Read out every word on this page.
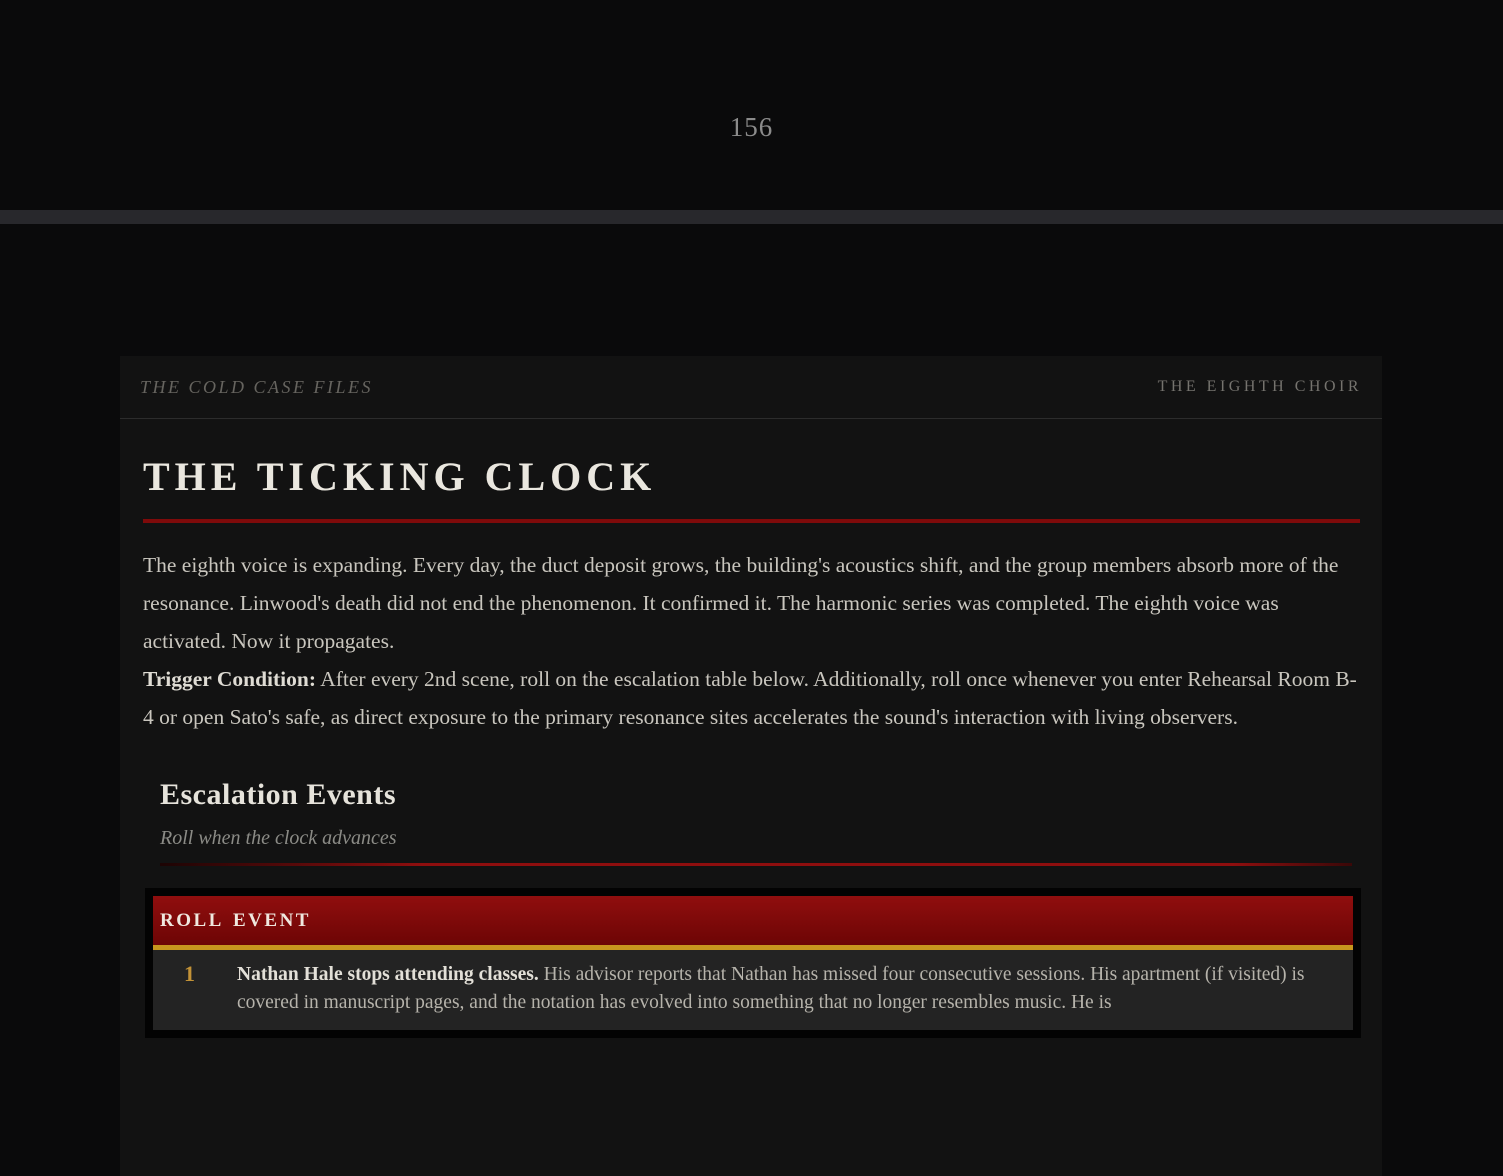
156
THE COLD CASE FILES	THE EIGHTH CHOIR
THE TICKING CLOCK

The eighth voice is expanding. Every day, the duct deposit grows, the building's acoustics shift, and the group members absorb more of the resonance. Linwood's death did not end the phenomenon. It confirmed it. The harmonic series was completed. The eighth voice was activated. Now it propagates.

Trigger Condition: After every 2nd scene, roll on the escalation table below. Additionally, roll once whenever you enter Rehearsal Room B-4 or open Sato's safe, as direct exposure to the primary resonance sites accelerates the sound's interaction with living observers.

Escalation Events
Roll when the clock advances
ROLL	EVENT
1	Nathan Hale stops attending classes. His advisor reports that Nathan has missed four consecutive sessions. His apartment (if visited) is covered in manuscript pages, and the notation has evolved into something that no longer resembles music. He is
